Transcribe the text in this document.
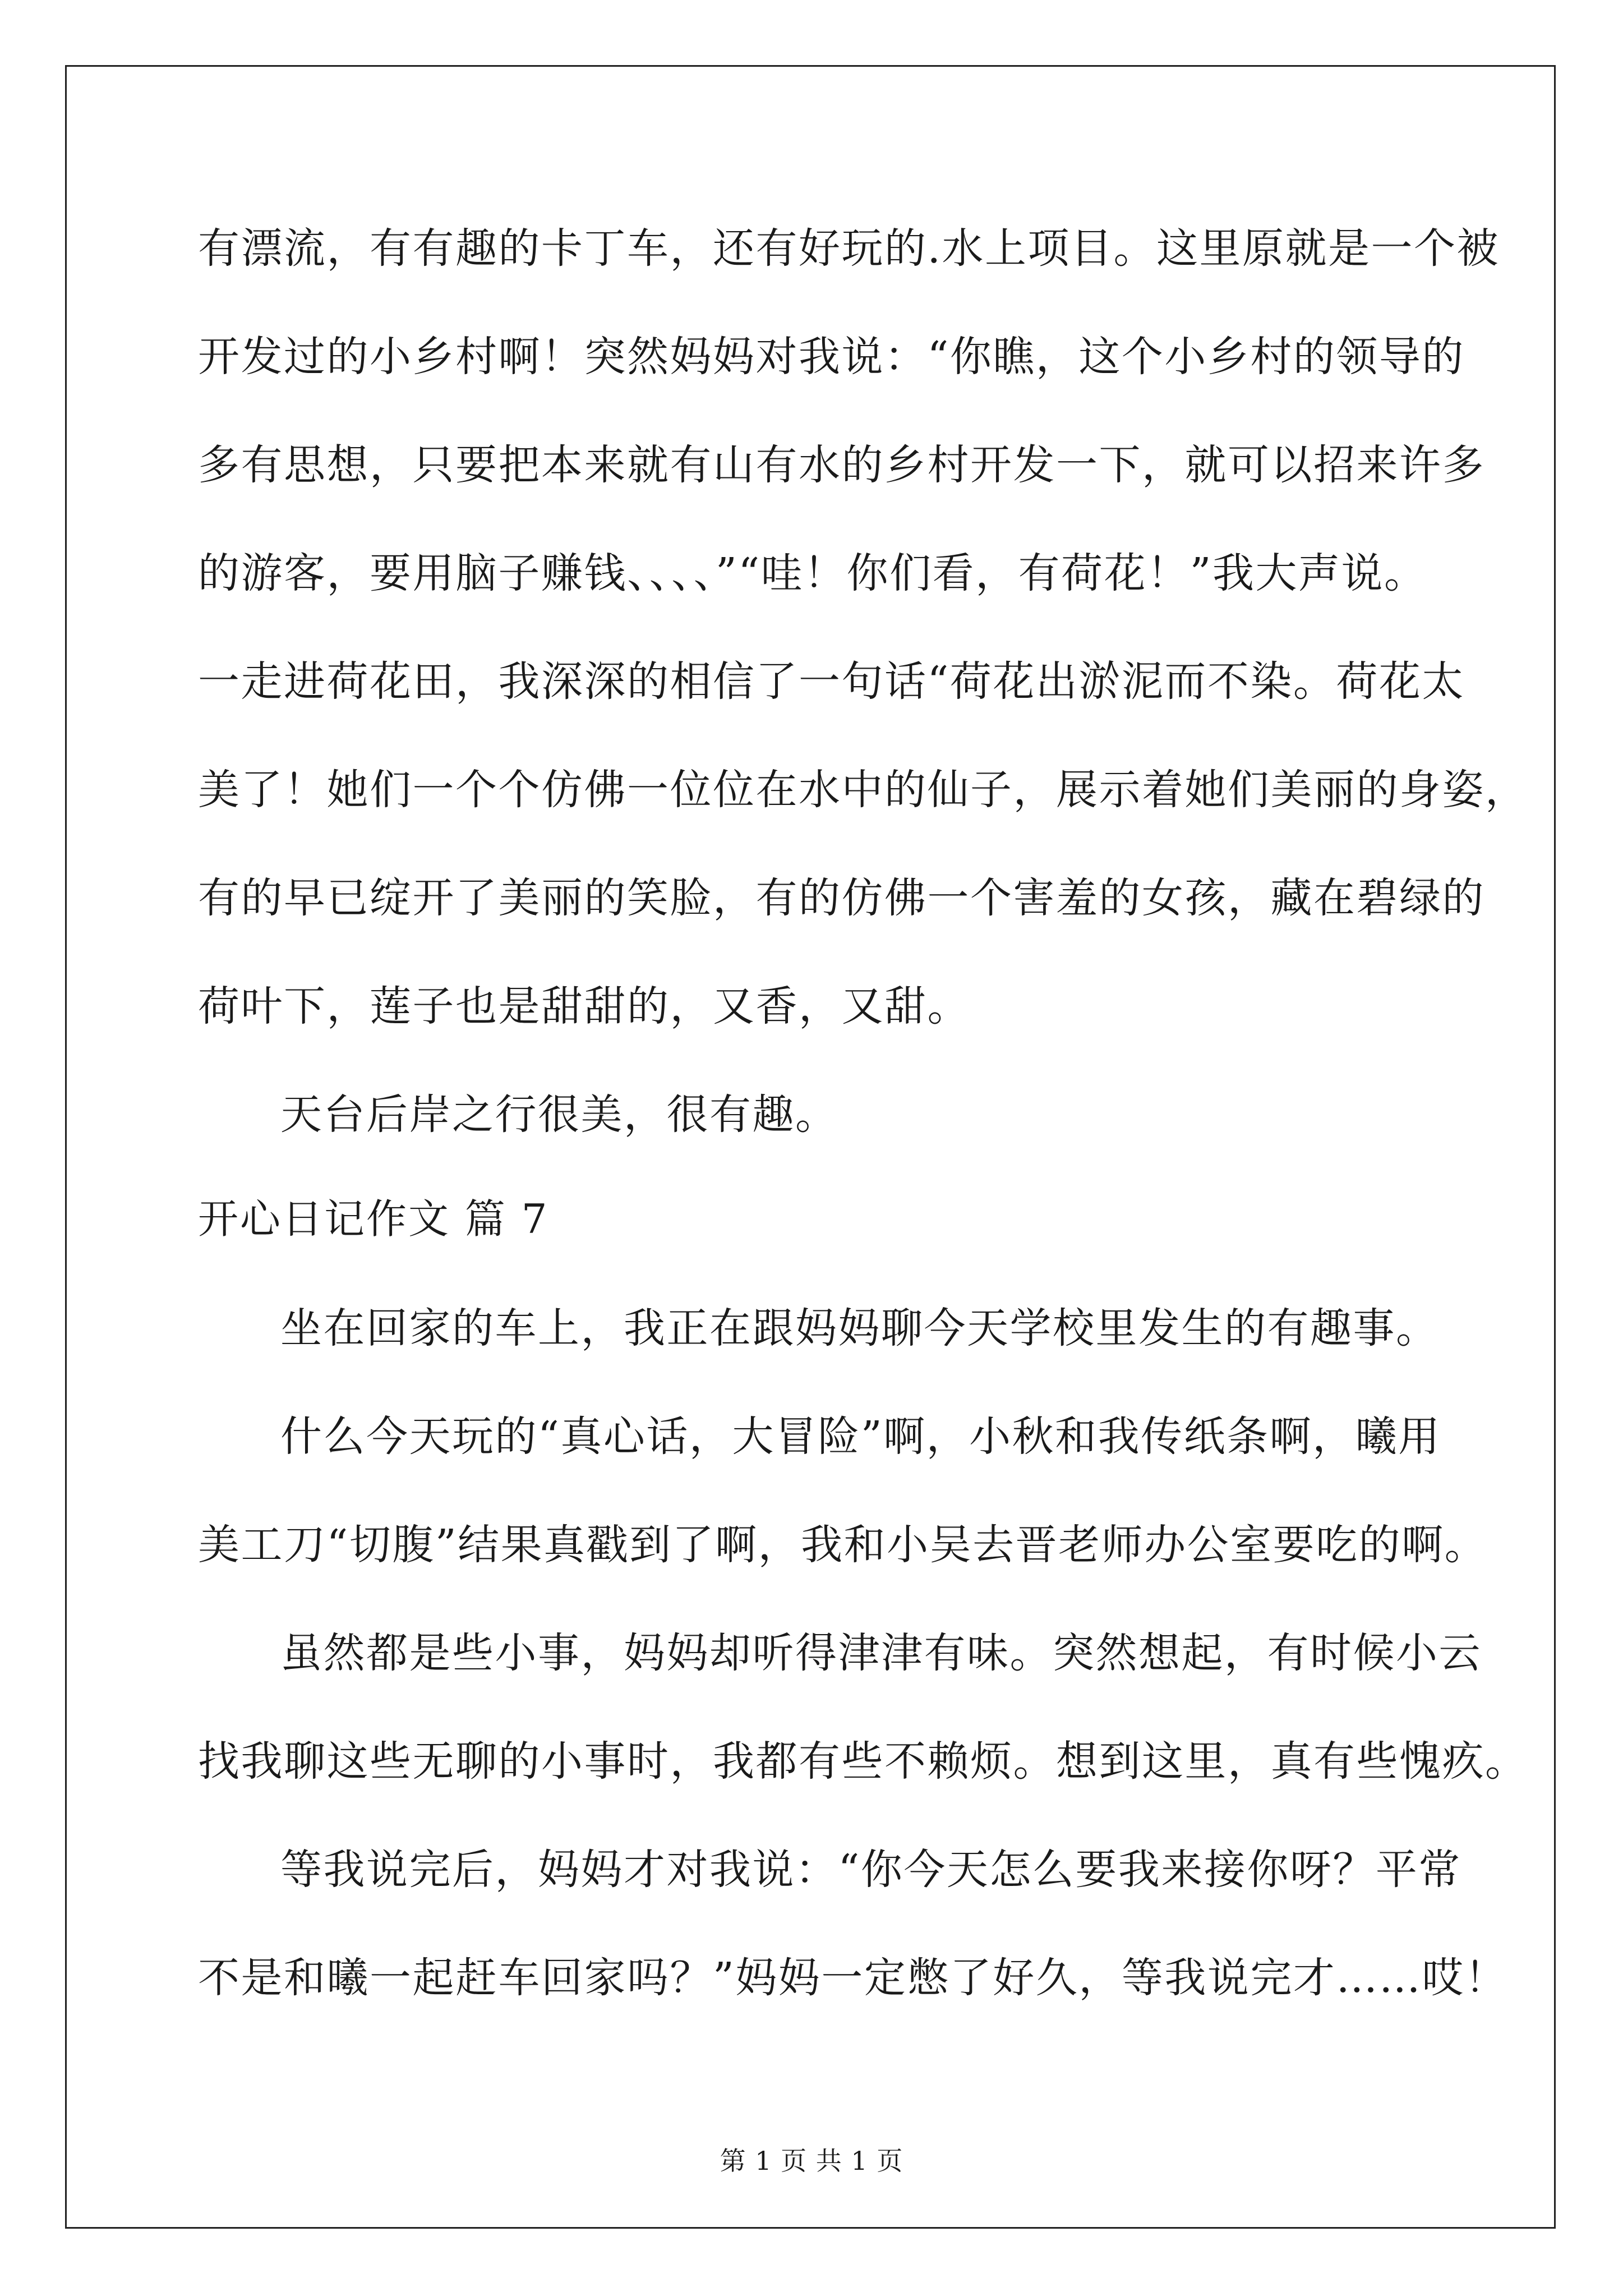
有漂流，有有趣的卡丁车，还有好玩的.水上项目。这里原就是一个被
开发过的小乡村啊！突然妈妈对我说：“你瞧，这个小乡村的领导的
多有思想，只要把本来就有山有水的乡村开发一下，就可以招来许多
的游客，要用脑子赚钱、、、、”“哇！你们看，有荷花！”我大声说。
一走进荷花田，我深深的相信了一句话“荷花出淤泥而不染。荷花太
美了！她们一个个仿佛一位位在水中的仙子，展示着她们美丽的身姿，
有的早已绽开了美丽的笑脸，有的仿佛一个害羞的女孩，藏在碧绿的
荷叶下，莲子也是甜甜的，又香，又甜。
天台后岸之行很美，很有趣。
开心日记作文 篇 7
坐在回家的车上，我正在跟妈妈聊今天学校里发生的有趣事。
什么今天玩的“真心话，大冒险”啊，小秋和我传纸条啊，曦用
美工刀“切腹”结果真戳到了啊，我和小吴去晋老师办公室要吃的啊。
虽然都是些小事，妈妈却听得津津有味。突然想起，有时候小云
找我聊这些无聊的小事时，我都有些不赖烦。想到这里，真有些愧疚。
等我说完后，妈妈才对我说：“你今天怎么要我来接你呀？平常
不是和曦一起赶车回家吗？”妈妈一定憋了好久，等我说完才……哎！
第 1 页 共 1 页
